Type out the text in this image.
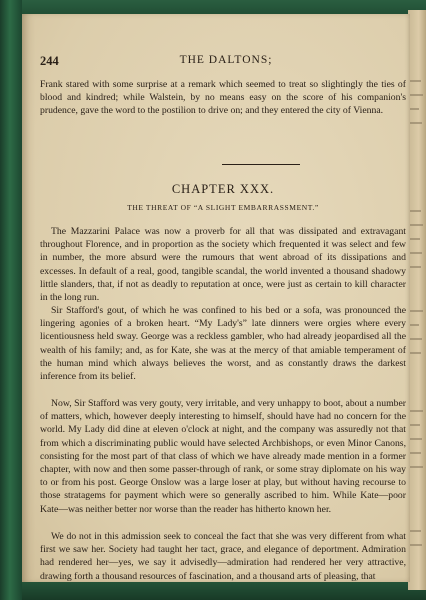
244	THE DALTONS;

Frank stared with some surprise at a remark which seemed to treat so slightingly the ties of blood and kindred; while Walstein, by no means easy on the score of his companion's prudence, gave the word to the postilion to drive on; and they entered the city of Vienna.

CHAPTER XXX.
THE THREAT OF “A SLIGHT EMBARRASSMENT.”

The Mazzarini Palace was now a proverb for all that was dissipated and extravagant throughout Florence, and in proportion as the society which frequented it was select and few in number, the more absurd were the rumours that went abroad of its dissipations and excesses. In default of a real, good, tangible scandal, the world invented a thousand shadowy little slanders, that, if not as deadly to reputation at once, were just as certain to kill character in the long run.

Sir Stafford's gout, of which he was confined to his bed or a sofa, was pronounced the lingering agonies of a broken heart. “My Lady's” late dinners were orgies where every licentiousness held sway. George was a reckless gambler, who had already jeopardised all the wealth of his family; and, as for Kate, she was at the mercy of that amiable temperament of the human mind which always believes the worst, and as constantly draws the darkest inference from its belief.

Now, Sir Stafford was very gouty, very irritable, and very unhappy to boot, about a number of matters, which, however deeply interesting to himself, should have had no concern for the world. My Lady did dine at eleven o'clock at night, and the company was assuredly not that from which a discriminating public would have selected Archbishops, or even Minor Canons, consisting for the most part of that class of which we have already made mention in a former chapter, with now and then some passer-through of rank, or some stray diplomate on his way to or from his post. George Onslow was a large loser at play, but without having recourse to those stratagems for payment which were so generally ascribed to him. While Kate—poor Kate—was neither better nor worse than the reader has hitherto known her.

We do not in this admission seek to conceal the fact that she was very different from what first we saw her. Society had taught her tact, grace, and elegance of deportment. Admiration had rendered her—yes, we say it advisedly—admiration had rendered her very attractive, drawing forth a thousand resources of fascination, and a thousand arts of pleasing, that
